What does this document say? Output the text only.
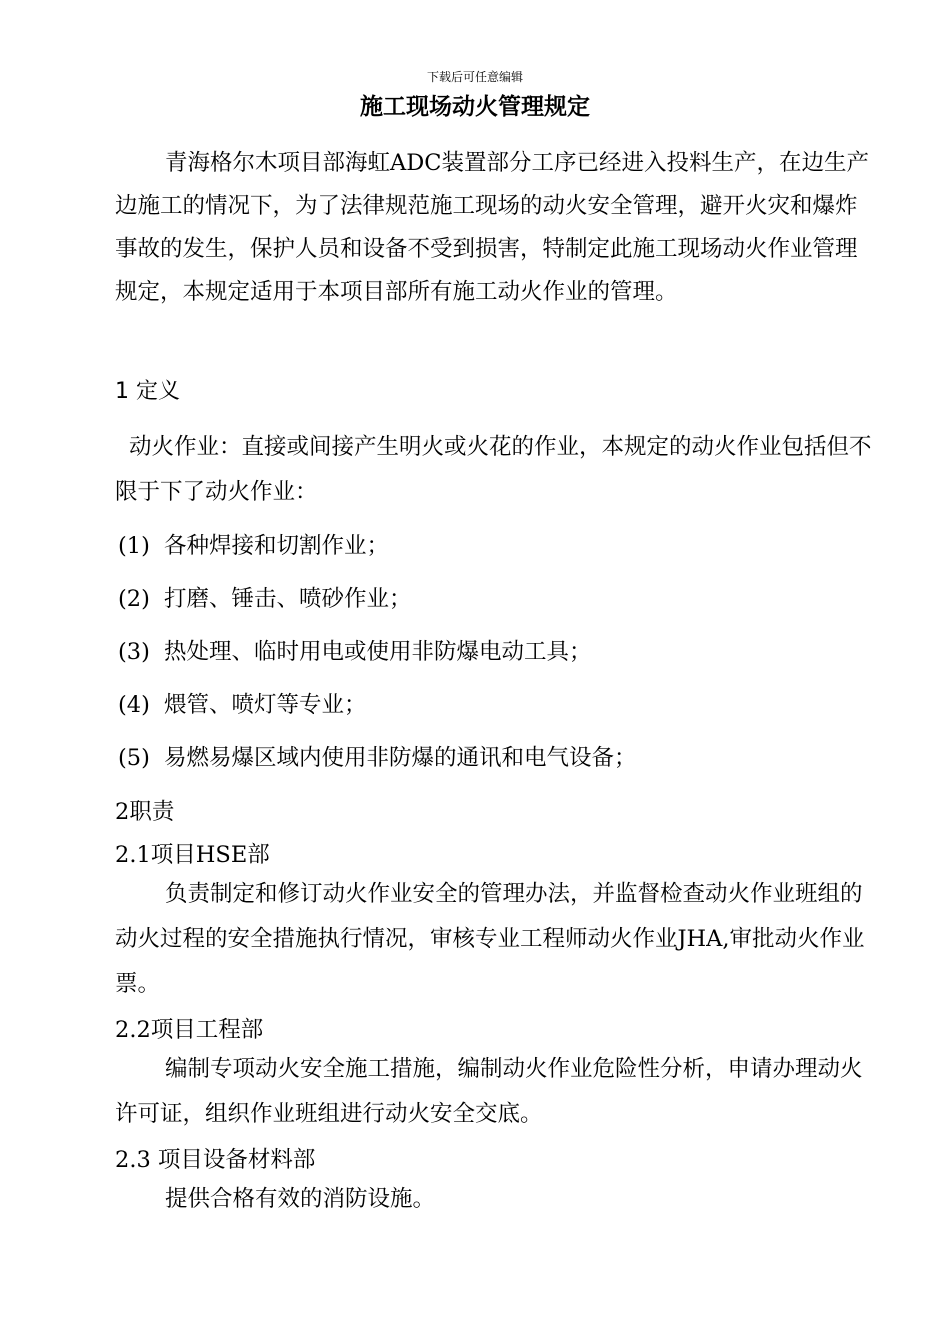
下载后可任意编辑
施工现场动火管理规定
青海格尔木项目部海虹ADC装置部分工序已经进入投料生产，在边生产边施工的情况下，为了法律规范施工现场的动火安全管理，避开火灾和爆炸事故的发生，保护人员和设备不受到损害，特制定此施工现场动火作业管理规定，本规定适用于本项目部所有施工动火作业的管理。
1 定义
动火作业：直接或间接产生明火或火花的作业，本规定的动火作业包括但不限于下了动火作业：
(1) 各种焊接和切割作业；
(2) 打磨、锤击、喷砂作业；
(3) 热处理、临时用电或使用非防爆电动工具；
(4) 煨管、喷灯等专业；
(5) 易燃易爆区域内使用非防爆的通讯和电气设备；
2职责
2.1项目HSE部
负责制定和修订动火作业安全的管理办法，并监督检查动火作业班组的动火过程的安全措施执行情况，审核专业工程师动火作业JHA,审批动火作业票。
2.2项目工程部
编制专项动火安全施工措施，编制动火作业危险性分析，申请办理动火许可证，组织作业班组进行动火安全交底。
2.3 项目设备材料部
提供合格有效的消防设施。
